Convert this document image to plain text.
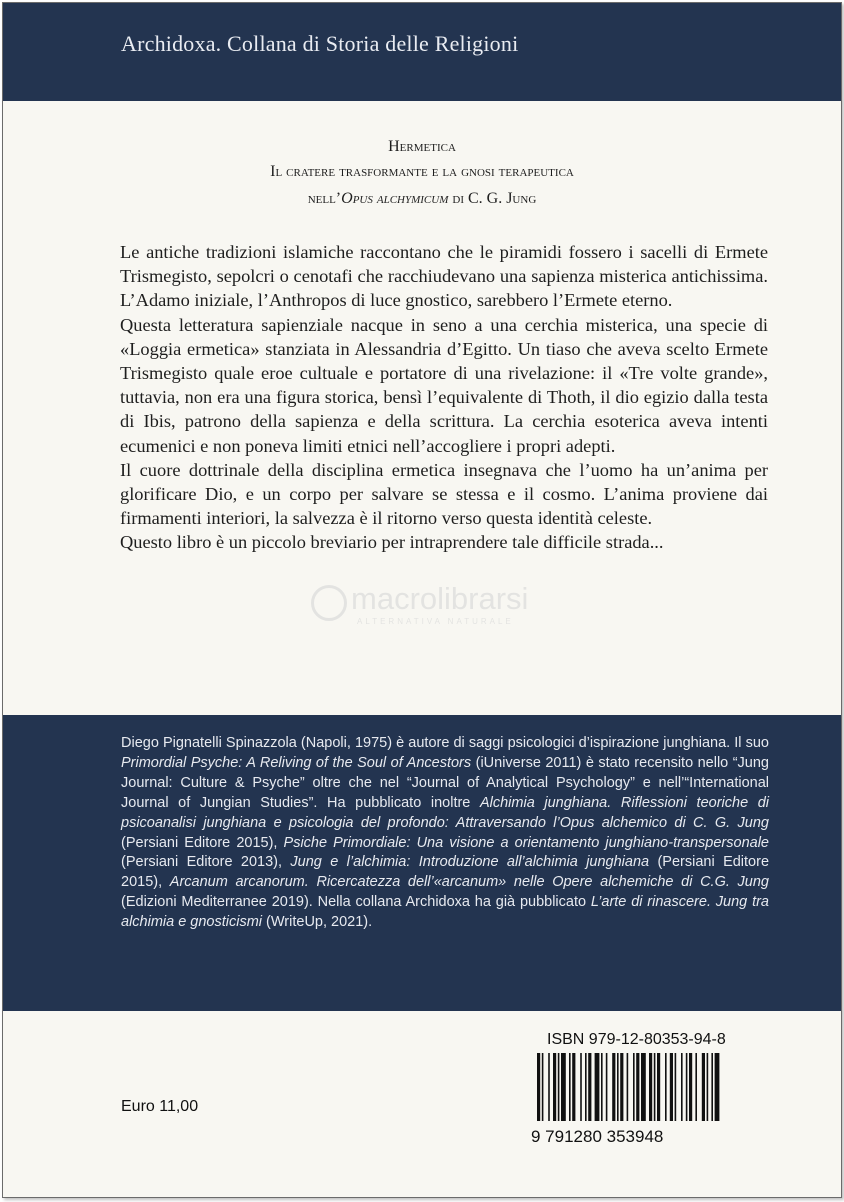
Archidoxa. Collana di Storia delle Religioni
Hermetica
Il cratere trasformante e la gnosi terapeutica
nell’Opus alchymicum di C. G. Jung

Le antiche tradizioni islamiche raccontano che le piramidi fossero i sacelli di Ermete Trismegisto, sepolcri o cenotafi che racchiudevano una sapienza misterica antichissima. L’Adamo iniziale, l’Anthropos di luce gnostico, sarebbero l’Ermete eterno.

Questa letteratura sapienziale nacque in seno a una cerchia misterica, una specie di «Loggia ermetica» stanziata in Alessandria d’Egitto. Un tiaso che aveva scelto Ermete Trismegisto quale eroe cultuale e portatore di una rivelazione: il «Tre volte grande», tuttavia, non era una figura storica, bensì l’equivalente di Thoth, il dio egizio dalla testa di Ibis, patrono della sapienza e della scrittura. La cerchia esoterica aveva intenti ecumenici e non poneva limiti etnici nell’accogliere i propri adepti.

Il cuore dottrinale della disciplina ermetica insegnava che l’uomo ha un’anima per glorificare Dio, e un corpo per salvare se stessa e il cosmo. L’anima proviene dai firmamenti interiori, la salvezza è il ritorno verso questa identità celeste.

Questo libro è un piccolo breviario per intraprendere tale difficile strada...

macrolibrarsi
ALTERNATIVA NATURALE

Diego Pignatelli Spinazzola (Napoli, 1975) è autore di saggi psicologici d’ispirazione junghiana. Il suo Primordial Psyche: A Reliving of the Soul of Ancestors (iUniverse 2011) è stato recensito nello “Jung Journal: Culture & Psyche” oltre che nel “Journal of Analytical Psychology” e nell’“International Journal of Jungian Studies”. Ha pubblicato inoltre Alchimia junghiana. Riflessioni teoriche di psicoanalisi junghiana e psicologia del profondo: Attraversando l’Opus alchemico di C. G. Jung (Persiani Editore 2015), Psiche Primordiale: Una visione a orientamento junghiano-transpersonale (Persiani Editore 2013), Jung e l’alchimia: Introduzione all’alchimia junghiana (Persiani Editore 2015), Arcanum arcanorum. Ricercatezza dell’«arcanum» nelle Opere alchemiche di C.G. Jung (Edizioni Mediterranee 2019). Nella collana Archidoxa ha già pubblicato L’arte di rinascere. Jung tra alchimia e gnosticismi (WriteUp, 2021).

ISBN 979-12-80353-94-8
9 791280 353948
Euro 11,00
